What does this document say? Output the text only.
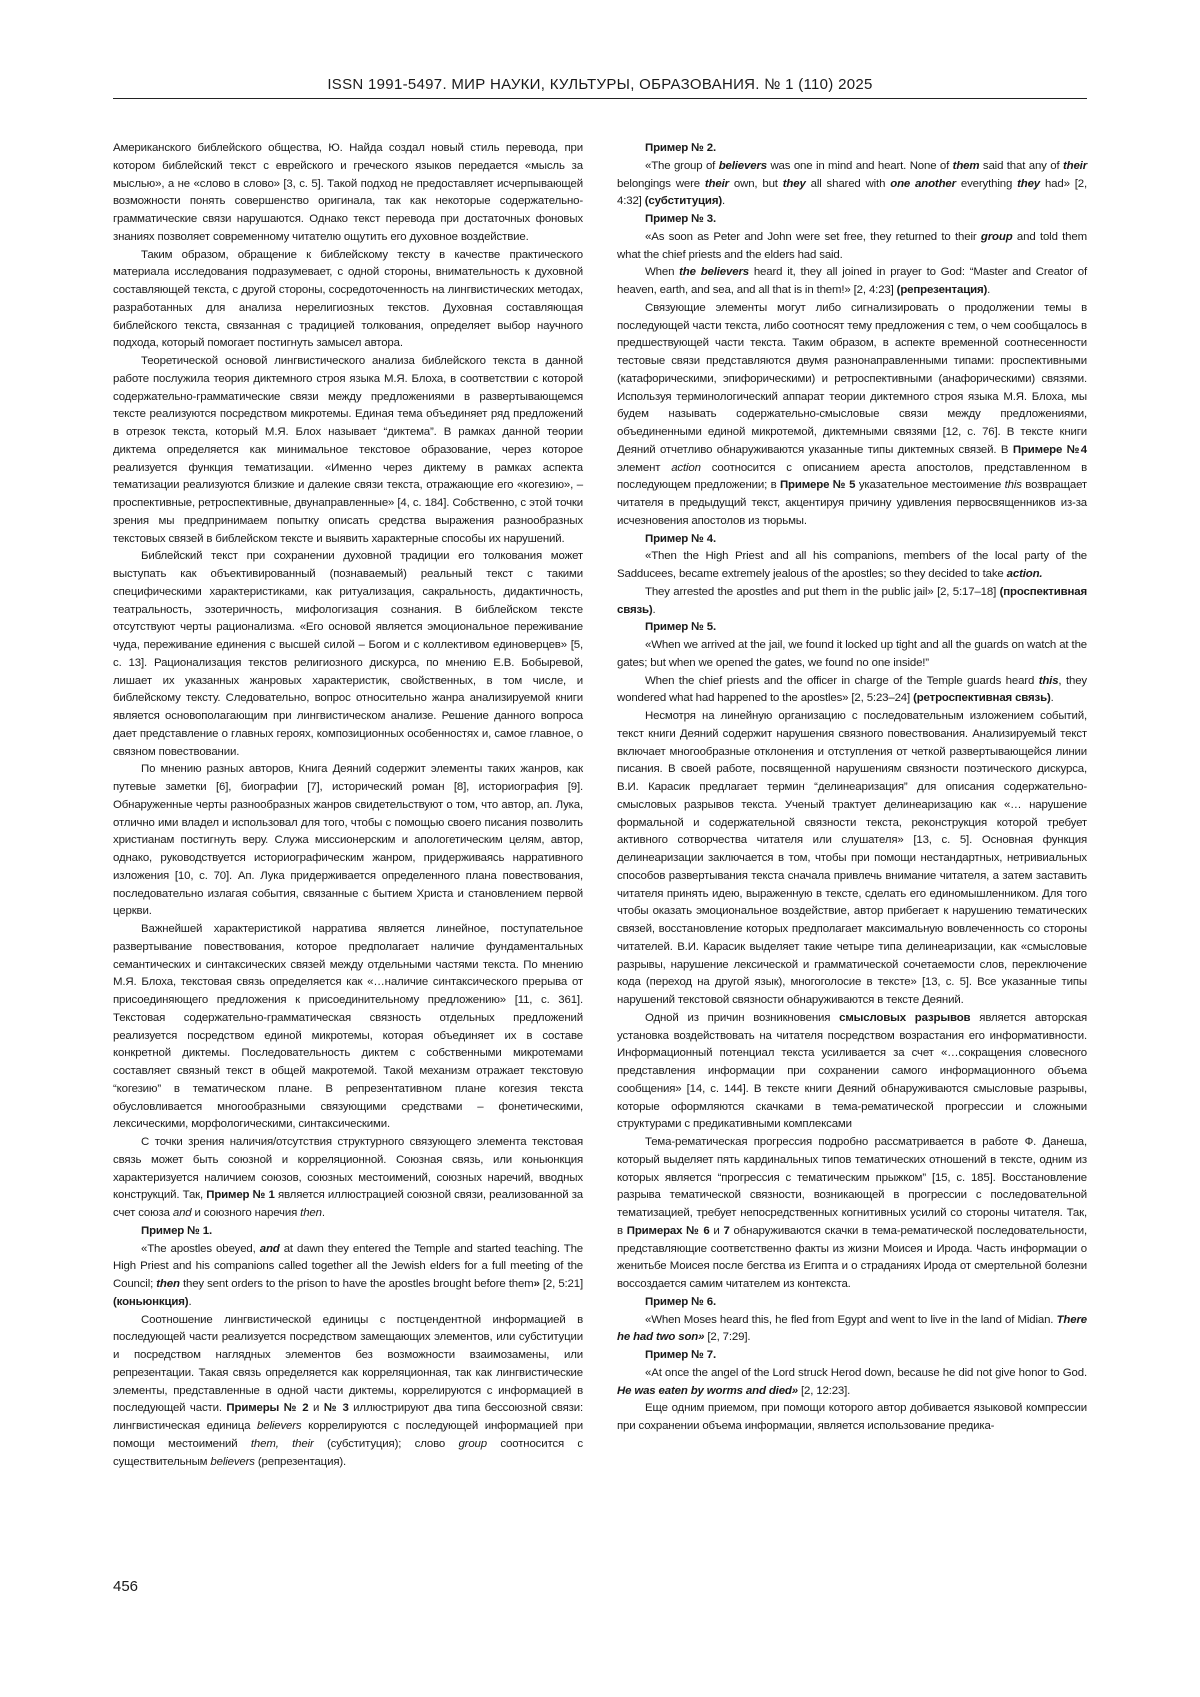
ISSN 1991-5497. МИР НАУКИ, КУЛЬТУРЫ, ОБРАЗОВАНИЯ. № 1 (110) 2025

Американского библейского общества, Ю. Найда создал новый стиль перевода, при котором библейский текст с еврейского и греческого языков передается «мысль за мыслью», а не «слово в слово» [3, с. 5]. Такой подход не предоставляет исчерпывающей возможности понять совершенство оригинала, так как некоторые содержательно-грамматические связи нарушаются. Однако текст перевода при достаточных фоновых знаниях позволяет современному читателю ощутить его духовное воздействие.

Таким образом, обращение к библейскому тексту в качестве практического материала исследования подразумевает, с одной стороны, внимательность к духовной составляющей текста, с другой стороны, сосредоточенность на лингвистических методах, разработанных для анализа нерелигиозных текстов. Духовная составляющая библейского текста, связанная с традицией толкования, определяет выбор научного подхода, который помогает постигнуть замысел автора.

Теоретической основой лингвистического анализа библейского текста в данной работе послужила теория диктемного строя языка М.Я. Блоха, в соответствии с которой содержательно-грамматические связи между предложениями в развертывающемся тексте реализуются посредством микротемы. Единая тема объединяет ряд предложений в отрезок текста, который М.Я. Блох называет “диктема”. В рамках данной теории диктема определяется как минимальное текстовое образование, через которое реализуется функция тематизации. «Именно через диктему в рамках аспекта тематизации реализуются близкие и далекие связи текста, отражающие его «когезию», – проспективные, ретроспективные, двунаправленные» [4, с. 184]. Собственно, с этой точки зрения мы предпринимаем попытку описать средства выражения разнообразных текстовых связей в библейском тексте и выявить характерные способы их нарушений.

Библейский текст при сохранении духовной традиции его толкования может выступать как объективированный (познаваемый) реальный текст с такими специфическими характеристиками, как ритуализация, сакральность, дидактичность, театральность, эзотеричность, мифологизация сознания. В библейском тексте отсутствуют черты рационализма. «Его основой является эмоциональное переживание чуда, переживание единения с высшей силой – Богом и с коллективом единоверцев» [5, с. 13]. Рационализация текстов религиозного дискурса, по мнению Е.В. Бобыревой, лишает их указанных жанровых характеристик, свойственных, в том числе, и библейскому тексту. Следовательно, вопрос относительно жанра анализируемой книги является основополагающим при лингвистическом анализе. Решение данного вопроса дает представление о главных героях, композиционных особенностях и, самое главное, о связном повествовании.

По мнению разных авторов, Книга Деяний содержит элементы таких жанров, как путевые заметки [6], биографии [7], исторический роман [8], историография [9]. Обнаруженные черты разнообразных жанров свидетельствуют о том, что автор, ап. Лука, отлично ими владел и использовал для того, чтобы с помощью своего писания позволить христианам постигнуть веру. Служа миссионерским и апологетическим целям, автор, однако, руководствуется историографическим жанром, придерживаясь нарративного изложения [10, с. 70]. Ап. Лука придерживается определенного плана повествования, последовательно излагая события, связанные с бытием Христа и становлением первой церкви.

Важнейшей характеристикой нарратива является линейное, поступательное развертывание повествования, которое предполагает наличие фундаментальных семантических и синтаксических связей между отдельными частями текста. По мнению М.Я. Блоха, текстовая связь определяется как «…наличие синтаксического прерыва от присоединяющего предложения к присоединительному предложению» [11, с. 361]. Текстовая содержательно-грамматическая связность отдельных предложений реализуется посредством единой микротемы, которая объединяет их в составе конкретной диктемы. Последовательность диктем с собственными микротемами составляет связный текст в общей макротемой. Такой механизм отражает текстовую “когезию” в тематическом плане. В репрезентативном плане когезия текста обусловливается многообразными связующими средствами – фонетическими, лексическими, морфологическими, синтаксическими.

С точки зрения наличия/отсутствия структурного связующего элемента текстовая связь может быть союзной и корреляционной. Союзная связь, или коньюнкция характеризуется наличием союзов, союзных местоимений, союзных наречий, вводных конструкций. Так, Пример № 1 является иллюстрацией союзной связи, реализованной за счет союза and и союзного наречия then.

Пример № 1.

«The apostles obeyed, and at dawn they entered the Temple and started teaching. The High Priest and his companions called together all the Jewish elders for a full meeting of the Council; then they sent orders to the prison to have the apostles brought before them» [2, 5:21] (коньюнкция).

Соотношение лингвистической единицы с постцендентной информацией в последующей части реализуется посредством замещающих элементов, или субституции и посредством наглядных элементов без возможности взаимозамены, или репрезентации. Такая связь определяется как корреляционная, так как лингвистические элементы, представленные в одной части диктемы, коррелируются с информацией в последующей части. Примеры № 2 и № 3 иллюстрируют два типа бессоюзной связи: лингвистическая единица believers коррелируются с последующей информацией при помощи местоимений them, their (субституция); слово group соотносится с существительным believers (репрезентация).

Пример № 2.

«The group of believers was one in mind and heart. None of them said that any of their belongings were their own, but they all shared with one another everything they had» [2, 4:32] (субституция).

Пример № 3.

«As soon as Peter and John were set free, they returned to their group and told them what the chief priests and the elders had said.

When the believers heard it, they all joined in prayer to God: “Master and Creator of heaven, earth, and sea, and all that is in them!» [2, 4:23] (репрезентация).

Связующие элементы могут либо сигнализировать о продолжении темы в последующей части текста, либо соотносят тему предложения с тем, о чем сообщалось в предшествующей части текста. Таким образом, в аспекте временной соотнесенности тестовые связи представляются двумя разнонаправленными типами: проспективными (катафорическими, эпифорическими) и ретроспективными (анафорическими) связями. Используя терминологический аппарат теории диктемного строя языка М.Я. Блоха, мы будем называть содержательно-смысловые связи между предложениями, объединенными единой микротемой, диктемными связями [12, с. 76]. В тексте книги Деяний отчетливо обнаруживаются указанные типы диктемных связей. В Примере №4 элемент action соотносится с описанием ареста апостолов, представленном в последующем предложении; в Примере № 5 указательное местоимение this возвращает читателя в предыдущий текст, акцентируя причину удивления первосвященников из-за исчезновения апостолов из тюрьмы.

Пример № 4.

«Then the High Priest and all his companions, members of the local party of the Sadducees, became extremely jealous of the apostles; so they decided to take action.

They arrested the apostles and put them in the public jail» [2, 5:17–18] (проспективная связь).

Пример № 5.

«When we arrived at the jail, we found it locked up tight and all the guards on watch at the gates; but when we opened the gates, we found no one inside!”

When the chief priests and the officer in charge of the Temple guards heard this, they wondered what had happened to the apostles» [2, 5:23–24] (ретроспективная связь).

Несмотря на линейную организацию с последовательным изложением событий, текст книги Деяний содержит нарушения связного повествования. Анализируемый текст включает многообразные отклонения и отступления от четкой развертывающейся линии писания. В своей работе, посвященной нарушениям связности поэтического дискурса, В.И. Карасик предлагает термин “делинеаризация” для описания содержательно-смысловых разрывов текста. Ученый трактует делинеаризацию как «… нарушение формальной и содержательной связности текста, реконструкция которой требует активного сотворчества читателя или слушателя» [13, с. 5]. Основная функция делинеаризации заключается в том, чтобы при помощи нестандартных, нетривиальных способов развертывания текста сначала привлечь внимание читателя, а затем заставить читателя принять идею, выраженную в тексте, сделать его единомышленником. Для того чтобы оказать эмоциональное воздействие, автор прибегает к нарушению тематических связей, восстановление которых предполагает максимальную вовлеченность со стороны читателей. В.И. Карасик выделяет такие четыре типа делинеаризации, как «смысловые разрывы, нарушение лексической и грамматической сочетаемости слов, переключение кода (переход на другой язык), многоголосие в тексте» [13, с. 5]. Все указанные типы нарушений текстовой связности обнаруживаются в тексте Деяний.

Одной из причин возникновения смысловых разрывов является авторская установка воздействовать на читателя посредством возрастания его информативности. Информационный потенциал текста усиливается за счет «…сокращения словесного представления информации при сохранении самого информационного объема сообщения» [14, с. 144]. В тексте книги Деяний обнаруживаются смысловые разрывы, которые оформляются скачками в тема-рематической прогрессии и сложными структурами с предикативными комплексами

Тема-рематическая прогрессия подробно рассматривается в работе Ф. Данеша, который выделяет пять кардинальных типов тематических отношений в тексте, одним из которых является “прогрессия с тематическим прыжком” [15, с. 185]. Восстановление разрыва тематической связности, возникающей в прогрессии с последовательной тематизацией, требует непосредственных когнитивных усилий со стороны читателя. Так, в Примерах № 6 и 7 обнаруживаются скачки в тема-рематической последовательности, представляющие соответственно факты из жизни Моисея и Ирода. Часть информации о женитьбе Моисея после бегства из Египта и о страданиях Ирода от смертельной болезни воссоздается самим читателем из контекста.

Пример № 6.

«When Moses heard this, he fled from Egypt and went to live in the land of Midian. There he had two son» [2, 7:29].

Пример № 7.

«At once the angel of the Lord struck Herod down, because he did not give honor to God. He was eaten by worms and died» [2, 12:23].

Еще одним приемом, при помощи которого автор добивается языковой компрессии при сохранении объема информации, является использование предика-

456
